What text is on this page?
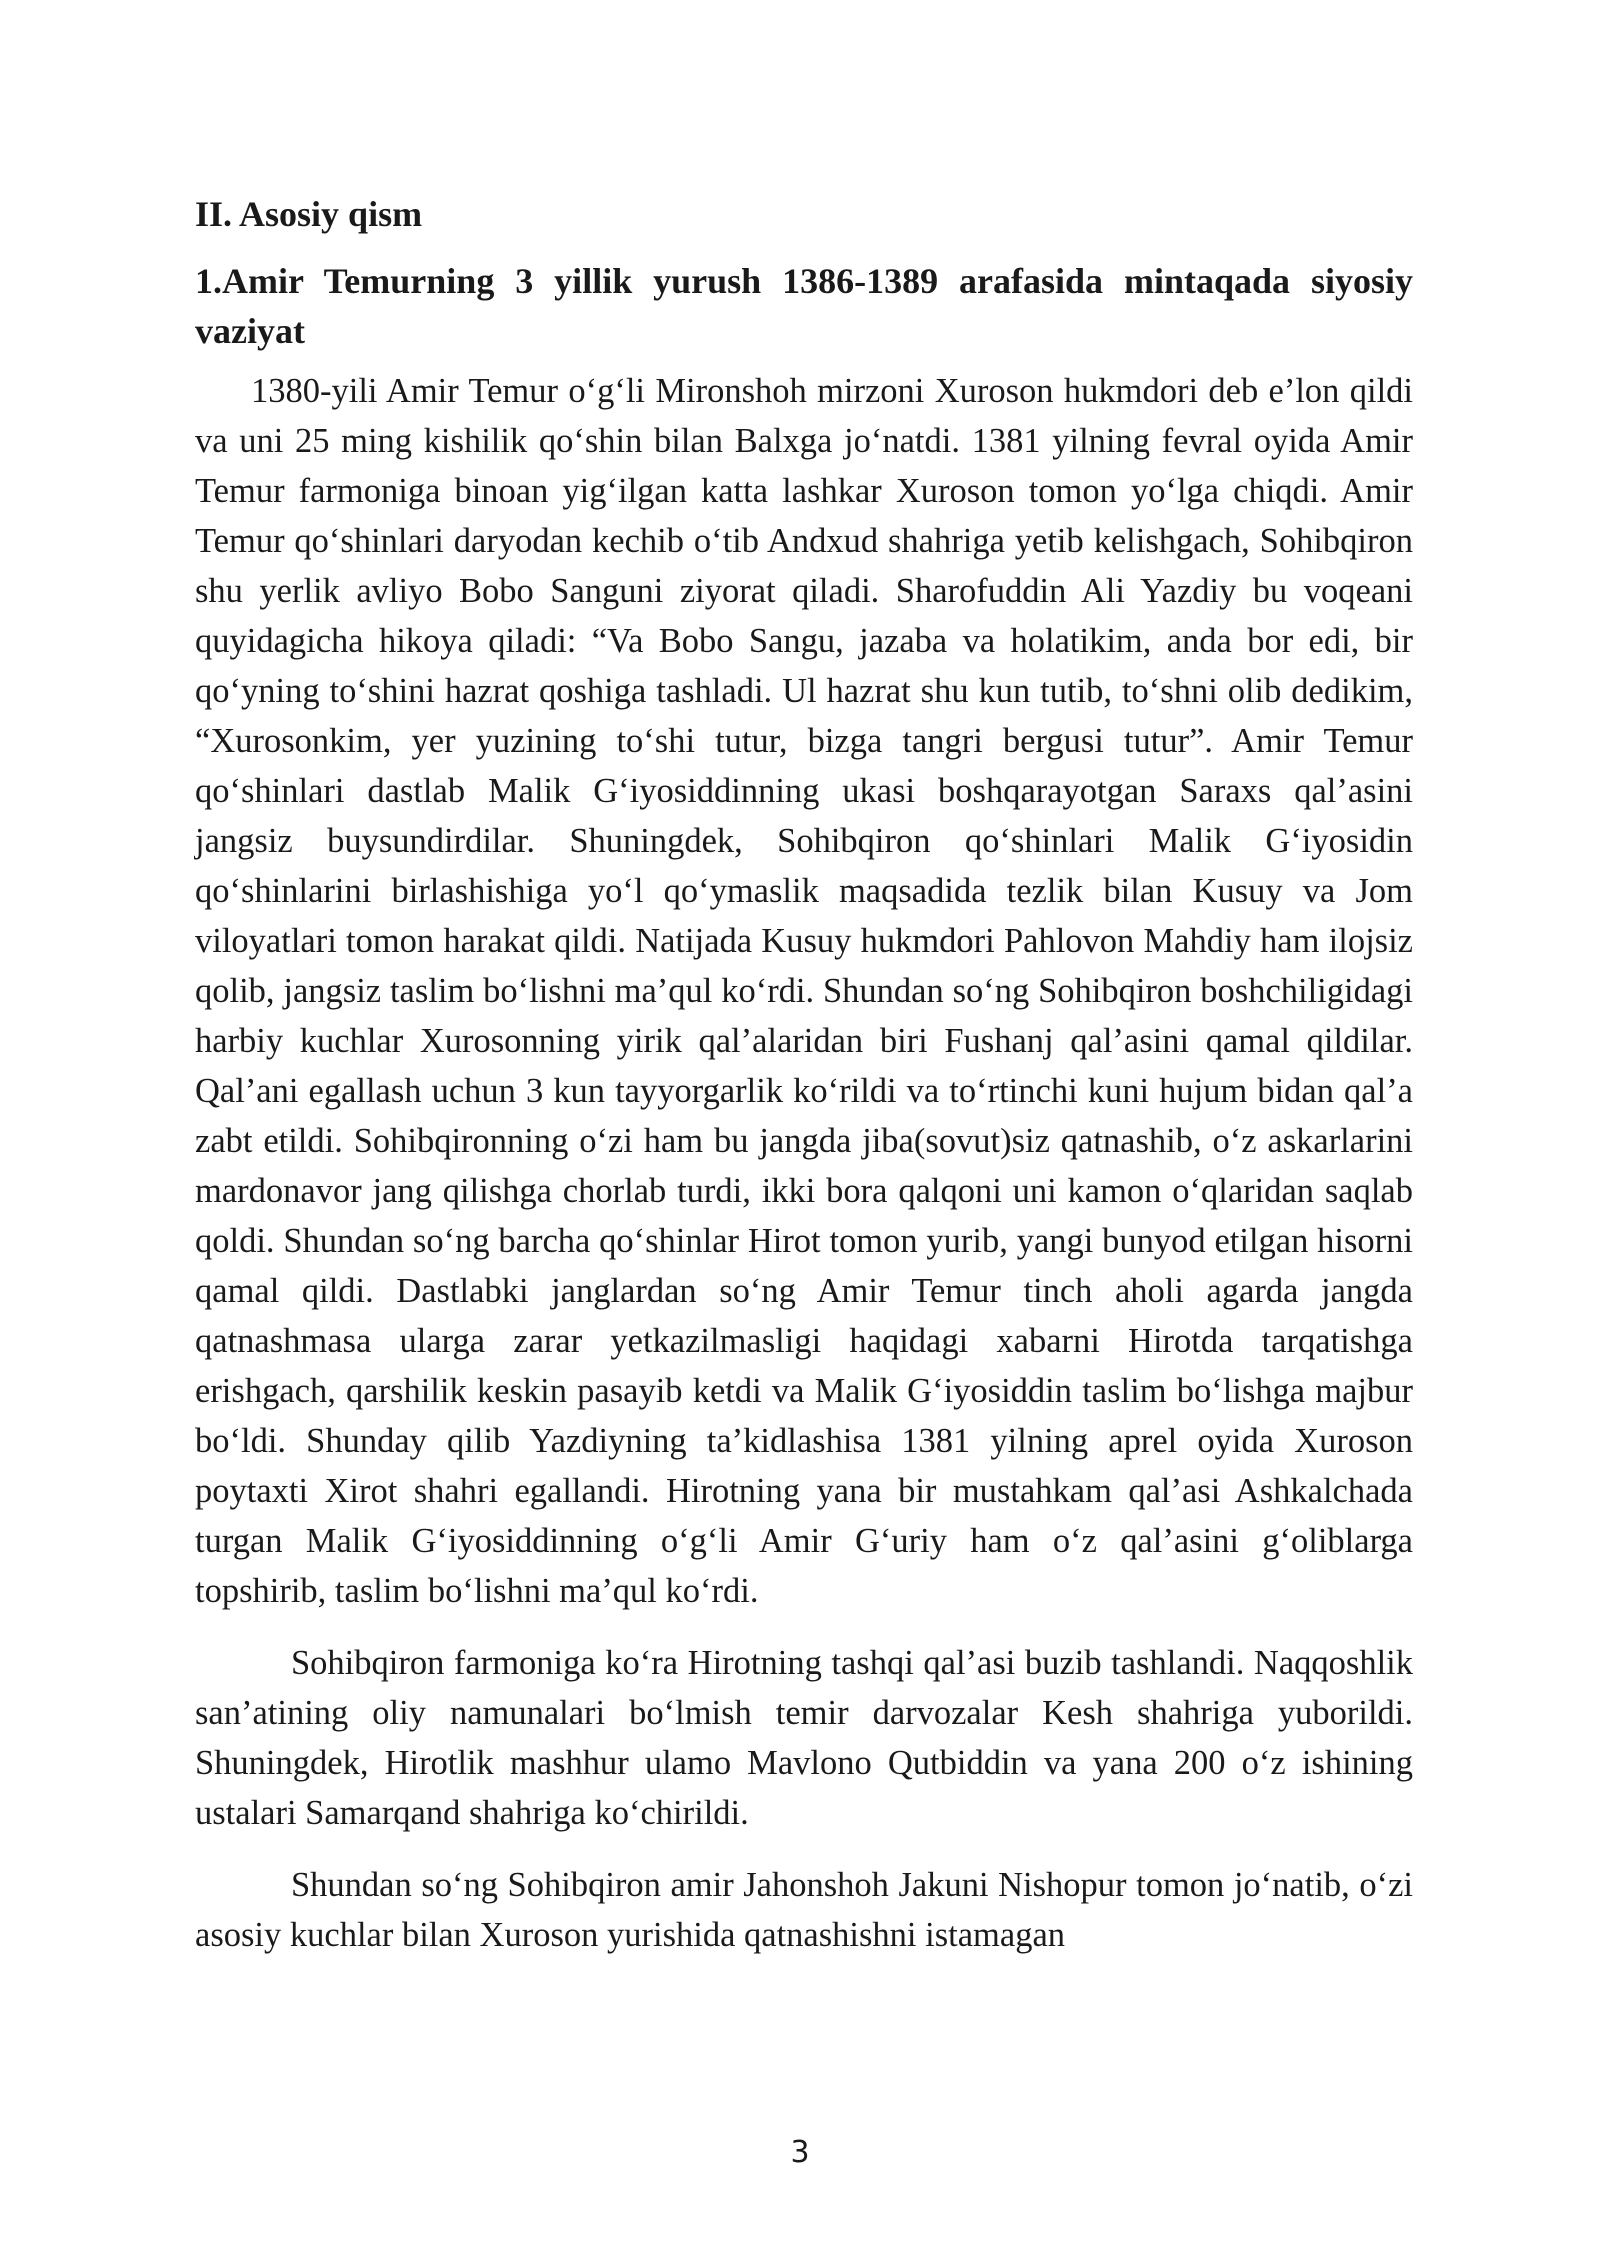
II. Asosiy qism
1.Amir Temurning 3 yillik yurush 1386-1389 arafasida mintaqada siyosiy vaziyat

1380-yili Amir Temur o‘g‘li Mironshoh mirzoni Xuroson hukmdori deb e’lon qildi va uni 25 ming kishilik qo‘shin bilan Balxga jo‘natdi. 1381 yilning fevral oyida Amir Temur farmoniga binoan yig‘ilgan katta lashkar Xuroson tomon yo‘lga chiqdi. Amir Temur qo‘shinlari daryodan kechib o‘tib Andxud shahriga yetib kelishgach, Sohibqiron shu yerlik avliyo Bobo Sanguni ziyorat qiladi. Sharofuddin Ali Yazdiy bu voqeani quyidagicha hikoya qiladi: “Va Bobo Sangu, jazaba va holatikim, anda bor edi, bir qo‘yning to‘shini hazrat qoshiga tashladi. Ul hazrat shu kun tutib, to‘shni olib dedikim, “Xurosonkim, yer yuzining to‘shi tutur, bizga tangri bergusi tutur”. Amir Temur qo‘shinlari dastlab Malik G‘iyosiddinning ukasi boshqarayotgan Saraxs qal’asini jangsiz buysundirdilar. Shuningdek, Sohibqiron qo‘shinlari Malik G‘iyosidin qo‘shinlarini birlashishiga yo‘l qo‘ymaslik maqsadida tezlik bilan Kusuy va Jom viloyatlari tomon harakat qildi. Natijada Kusuy hukmdori Pahlovon Mahdiy ham ilojsiz qolib, jangsiz taslim bo‘lishni ma’qul ko‘rdi. Shundan so‘ng Sohibqiron boshchiligidagi harbiy kuchlar Xurosonning yirik qal’alaridan biri Fushanj qal’asini qamal qildilar. Qal’ani egallash uchun 3 kun tayyorgarlik ko‘rildi va to‘rtinchi kuni hujum bidan qal’a zabt etildi. Sohibqironning o‘zi ham bu jangda jiba(sovut)siz qatnashib, o‘z askarlarini mardonavor jang qilishga chorlab turdi, ikki bora qalqoni uni kamon o‘qlaridan saqlab qoldi. Shundan so‘ng barcha qo‘shinlar Hirot tomon yurib, yangi bunyod etilgan hisorni qamal qildi. Dastlabki janglardan so‘ng Amir Temur tinch aholi agarda jangda qatnashmasa ularga zarar yetkazilmasligi haqidagi xabarni Hirotda tarqatishga erishgach, qarshilik keskin pasayib ketdi va Malik G‘iyosiddin taslim bo‘lishga majbur bo‘ldi. Shunday qilib Yazdiyning ta’kidlashisa 1381 yilning aprel oyida Xuroson poytaxti Xirot shahri egallandi. Hirotning yana bir mustahkam qal’asi Ashkalchada turgan Malik G‘iyosiddinning o‘g‘li Amir G‘uriy ham o‘z qal’asini g‘oliblarga topshirib, taslim bo‘lishni ma’qul ko‘rdi.

Sohibqiron farmoniga ko‘ra Hirotning tashqi qal’asi buzib tashlandi. Naqqoshlik san’atining oliy namunalari bo‘lmish temir darvozalar Kesh shahriga yuborildi. Shuningdek, Hirotlik mashhur ulamo Mavlono Qutbiddin va yana 200 o‘z ishining ustalari Samarqand shahriga ko‘chirildi.

Shundan so‘ng Sohibqiron amir Jahonshoh Jakuni Nishopur tomon jo‘natib, o‘zi asosiy kuchlar bilan Xuroson yurishida qatnashishni istamagan

3
